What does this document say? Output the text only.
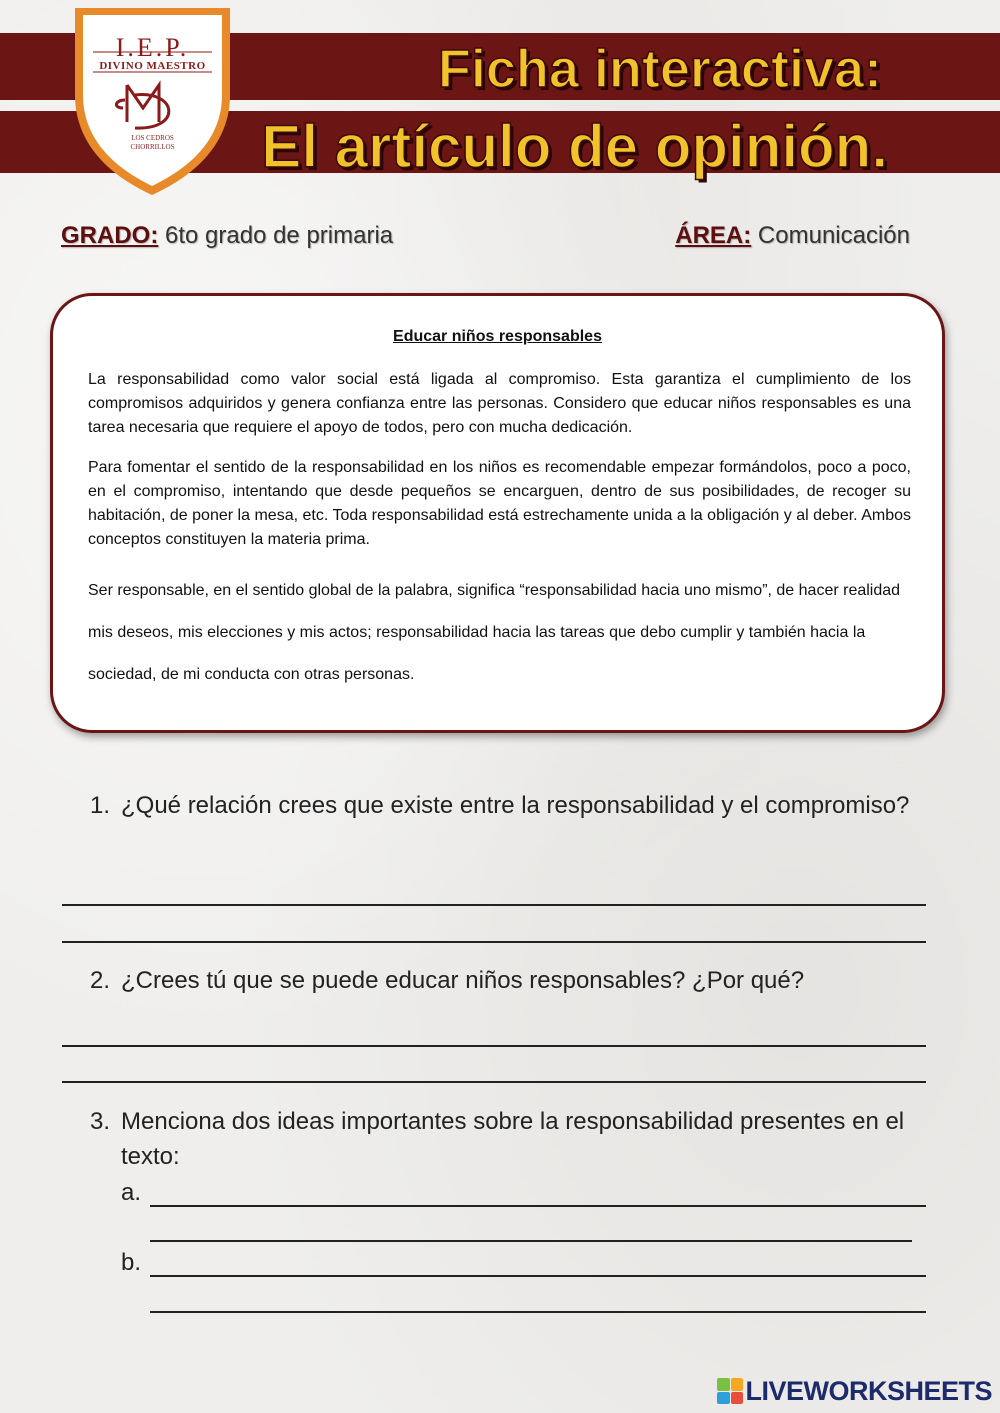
Ficha interactiva:
El artículo de opinión.
I.E.P.
DIVINO MAESTRO
LOS CEDROS CHORRILLOS
GRADO: 6to grado de primaria	ÁREA: Comunicación
Educar niños responsables

La responsabilidad como valor social está ligada al compromiso. Esta garantiza el cumplimiento de los compromisos adquiridos y genera confianza entre las personas. Considero que educar niños responsables es una tarea necesaria que requiere el apoyo de todos, pero con mucha dedicación.

Para fomentar el sentido de la responsabilidad en los niños es recomendable empezar formándolos, poco a poco, en el compromiso, intentando que desde pequeños se encarguen, dentro de sus posibilidades, de recoger su habitación, de poner la mesa, etc. Toda responsabilidad está estrechamente unida a la obligación y al deber. Ambos conceptos constituyen la materia prima.

Ser responsable, en el sentido global de la palabra, significa “responsabilidad hacia uno mismo”, de hacer realidad mis deseos, mis elecciones y mis actos; responsabilidad hacia las tareas que debo cumplir y también hacia la sociedad, de mi conducta con otras personas.

1. ¿Qué relación crees que existe entre la responsabilidad y el compromiso?
2. ¿Crees tú que se puede educar niños responsables? ¿Por qué?
3. Menciona dos ideas importantes sobre la responsabilidad presentes en el texto:
a.
b.
LIVEWORKSHEETS
